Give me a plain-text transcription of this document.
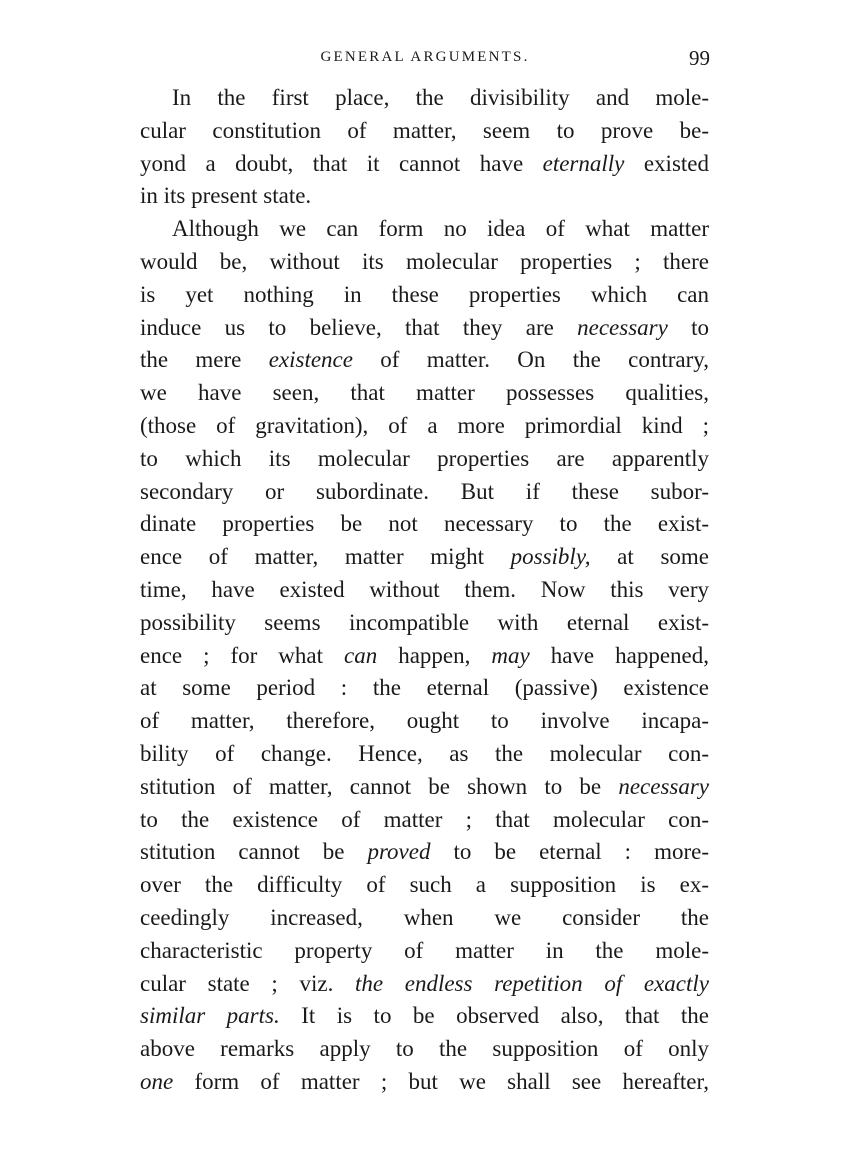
GENERAL ARGUMENTS.	99
In the first place, the divisibility and mole-
cular constitution of matter, seem to prove be-
yond a doubt, that it cannot have eternally existed
in its present state.
Although we can form no idea of what matter
would be, without its molecular properties ; there
is yet nothing in these properties which can
induce us to believe, that they are necessary to
the mere existence of matter. On the contrary,
we have seen, that matter possesses qualities,
(those of gravitation), of a more primordial kind ;
to which its molecular properties are apparently
secondary or subordinate. But if these subor-
dinate properties be not necessary to the exist-
ence of matter, matter might possibly, at some
time, have existed without them. Now this very
possibility seems incompatible with eternal exist-
ence ; for what can happen, may have happened,
at some period : the eternal (passive) existence
of matter, therefore, ought to involve incapa-
bility of change. Hence, as the molecular con-
stitution of matter, cannot be shown to be necessary
to the existence of matter ; that molecular con-
stitution cannot be proved to be eternal : more-
over the difficulty of such a supposition is ex-
ceedingly increased, when we consider the
characteristic property of matter in the mole-
cular state ; viz. the endless repetition of exactly
similar parts. It is to be observed also, that the
above remarks apply to the supposition of only
one form of matter ; but we shall see hereafter,
